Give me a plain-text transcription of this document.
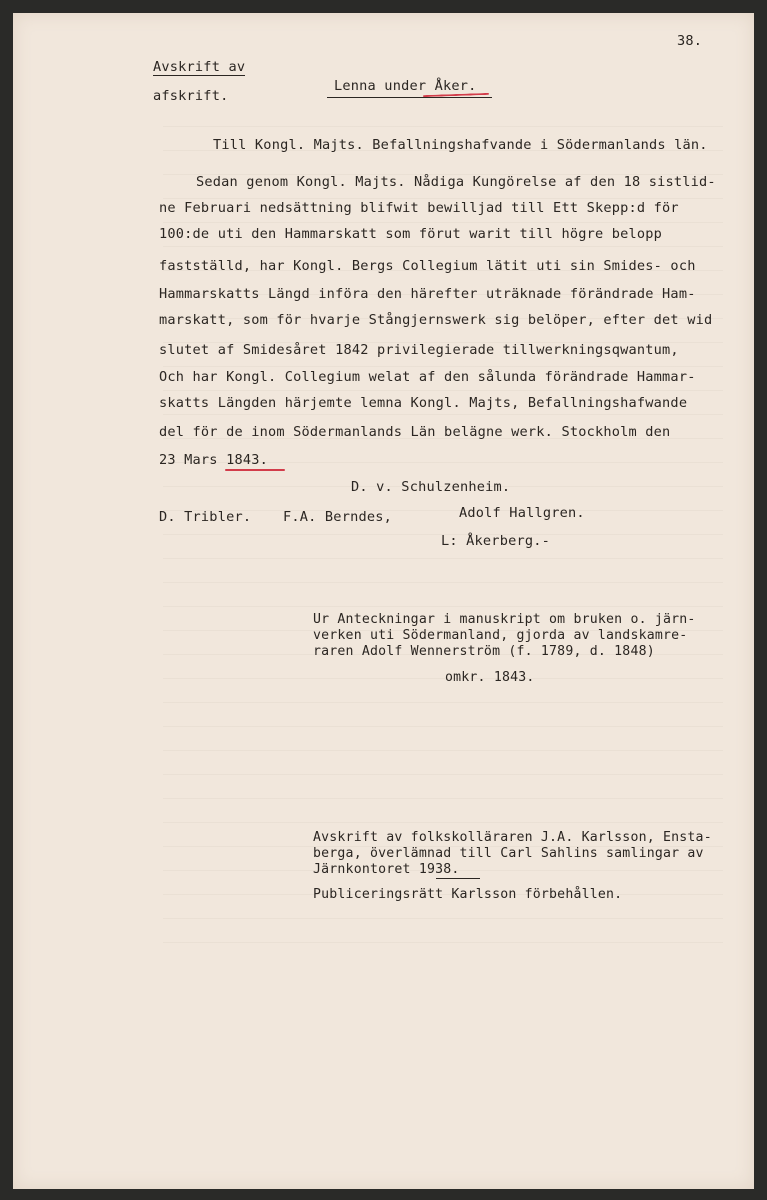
38.
Avskrift av
afskrift.
Lenna under Åker.
Till Kongl. Majts. Befallningshafvande i Södermanlands län.
Sedan genom Kongl. Majts. Nådiga Kungörelse af den 18 sistlid-
ne Februari nedsättning blifwit bewilljad till Ett Skepp:d för
100:de uti den Hammarskatt som förut warit till högre belopp
fastställd, har Kongl. Bergs Collegium lätit uti sin Smides- och
Hammarskatts Längd införa den härefter uträknade förändrade Ham-
marskatt, som för hvarje Stångjernswerk sig belöper, efter det wid
slutet af Smidesåret 1842 privilegierade tillwerkningsqwantum,
Och har Kongl. Collegium welat af den sålunda förändrade Hammar-
skatts Längden härjemte lemna Kongl. Majts, Befallningshafwande
del för de inom Södermanlands Län belägne werk. Stockholm den
23 Mars 1843.
D. v. Schulzenheim.
D. Tribler. F.A. Berndes,	Adolf Hallgren.
L: Åkerberg.-
Ur Anteckningar i manuskript om bruken o. järn-
verken uti Södermanland, gjorda av landskamre-
raren Adolf Wennerström (f. 1789, d. 1848)
omkr. 1843.
Avskrift av folkskolläraren J.A. Karlsson, Ensta-
berga, överlämnad till Carl Sahlins samlingar av
Järnkontoret 1938.
Publiceringsrätt Karlsson förbehållen.
